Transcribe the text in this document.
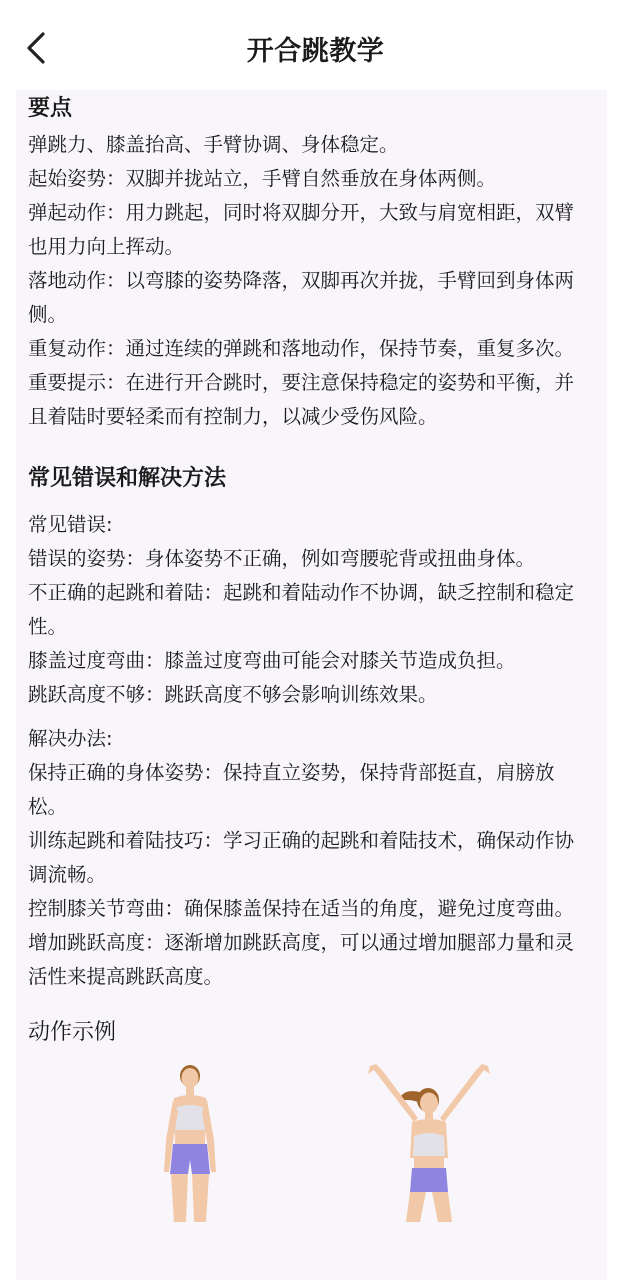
开合跳教学
要点

弹跳力、膝盖抬高、手臂协调、身体稳定。

起始姿势：双脚并拢站立，手臂自然垂放在身体两侧。

弹起动作：用力跳起，同时将双脚分开，大致与肩宽相距，双臂也用力向上挥动。

落地动作：以弯膝的姿势降落，双脚再次并拢，手臂回到身体两侧。

重复动作：通过连续的弹跳和落地动作，保持节奏，重复多次。

重要提示：在进行开合跳时，要注意保持稳定的姿势和平衡，并且着陆时要轻柔而有控制力，以减少受伤风险。

常见错误和解决方法

常见错误:

错误的姿势：身体姿势不正确，例如弯腰驼背或扭曲身体。

不正确的起跳和着陆：起跳和着陆动作不协调，缺乏控制和稳定性。

膝盖过度弯曲：膝盖过度弯曲可能会对膝关节造成负担。

跳跃高度不够：跳跃高度不够会影响训练效果。

解决办法:

保持正确的身体姿势：保持直立姿势，保持背部挺直，肩膀放松。

训练起跳和着陆技巧：学习正确的起跳和着陆技术，确保动作协调流畅。

控制膝关节弯曲：确保膝盖保持在适当的角度，避免过度弯曲。

增加跳跃高度：逐渐增加跳跃高度，可以通过增加腿部力量和灵活性来提高跳跃高度。

动作示例
